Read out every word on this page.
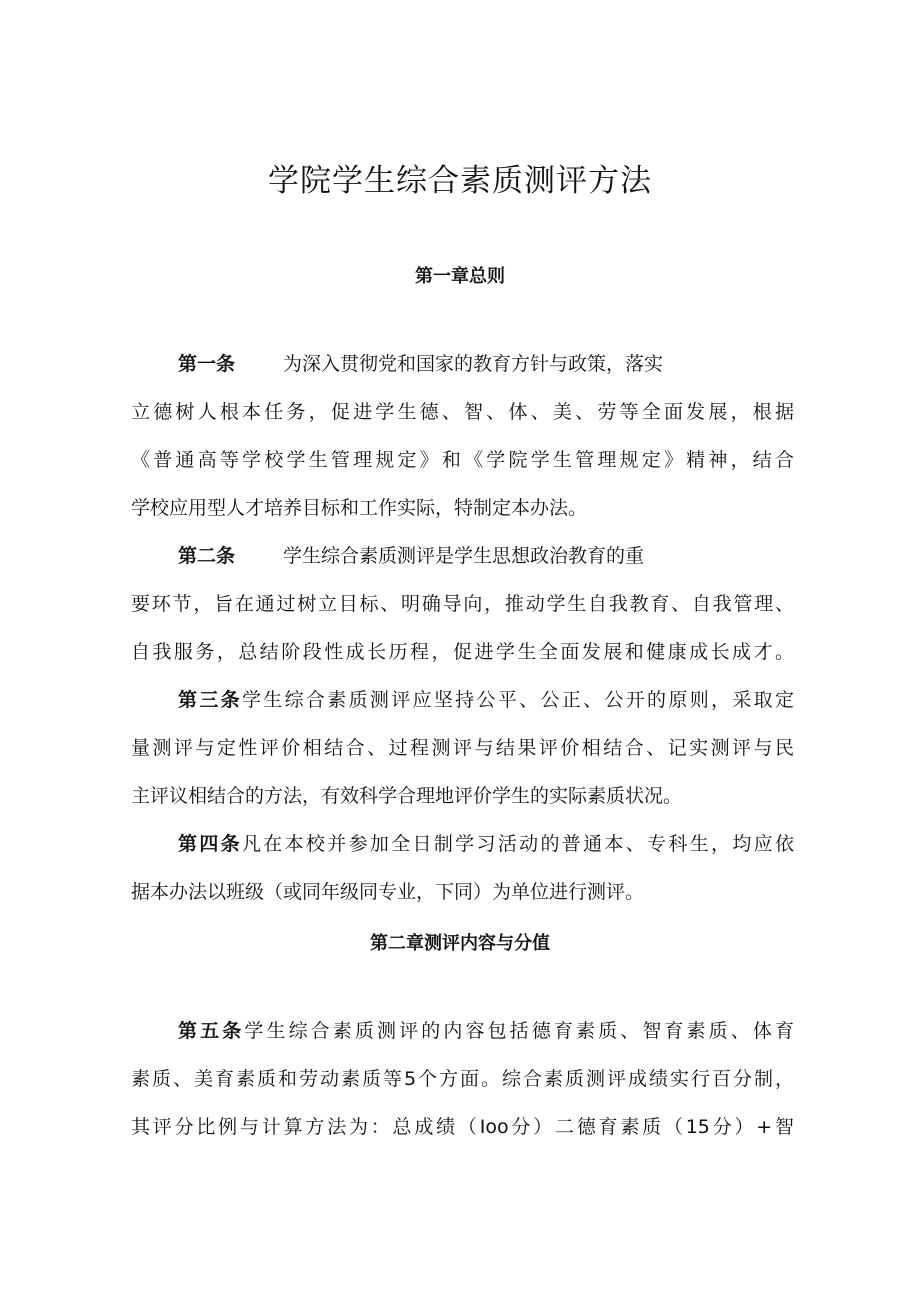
学院学生综合素质测评方法
第一章总则

第一条	为深入贯彻党和国家的教育方针与政策，落实

立德树人根本任务，促进学生德、智、体、美、劳等全面发展，根据

《普通高等学校学生管理规定》和《学院学生管理规定》精神，结合

学校应用型人才培养目标和工作实际，特制定本办法。

第二条	学生综合素质测评是学生思想政治教育的重

要环节，旨在通过树立目标、明确导向，推动学生自我教育、自我管理、

自我服务，总结阶段性成长历程，促进学生全面发展和健康成长成才。

第三条学生综合素质测评应坚持公平、公正、公开的原则，采取定

量测评与定性评价相结合、过程测评与结果评价相结合、记实测评与民

主评议相结合的方法，有效科学合理地评价学生的实际素质状况。

第四条凡在本校并参加全日制学习活动的普通本、专科生，均应依

据本办法以班级（或同年级同专业，下同）为单位进行测评。

第二章测评内容与分值

第五条学生综合素质测评的内容包括德育素质、智育素质、体育

素质、美育素质和劳动素质等5个方面。综合素质测评成绩实行百分制，

其评分比例与计算方法为：总成绩（Ioo分）二德育素质（15分）+智
